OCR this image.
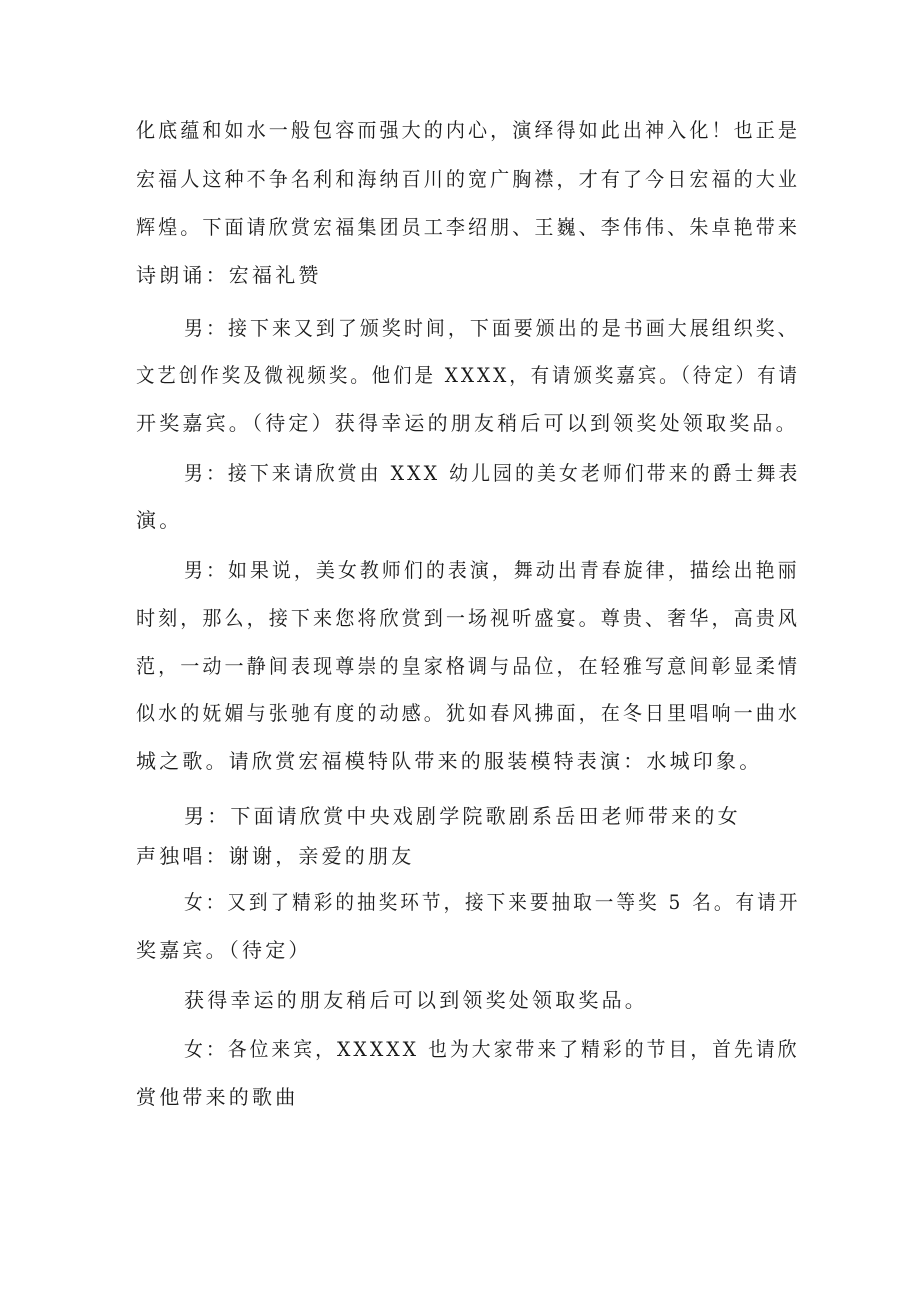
化底蕴和如水一般包容而强大的内心，演绎得如此出神入化！也正是

宏福人这种不争名利和海纳百川的宽广胸襟，才有了今日宏福的大业

辉煌。下面请欣赏宏福集团员工李绍朋、王巍、李伟伟、朱卓艳带来

诗朗诵：宏福礼赞

男：接下来又到了颁奖时间，下面要颁出的是书画大展组织奖、

文艺创作奖及微视频奖。他们是 XXXX，有请颁奖嘉宾。（待定）有请

开奖嘉宾。（待定）获得幸运的朋友稍后可以到领奖处领取奖品。

男：接下来请欣赏由 XXX 幼儿园的美女老师们带来的爵士舞表

演。

男：如果说，美女教师们的表演，舞动出青春旋律，描绘出艳丽

时刻，那么，接下来您将欣赏到一场视听盛宴。尊贵、奢华，高贵风

范，一动一静间表现尊崇的皇家格调与品位，在轻雅写意间彰显柔情

似水的妩媚与张驰有度的动感。犹如春风拂面，在冬日里唱响一曲水

城之歌。请欣赏宏福模特队带来的服装模特表演：水城印象。

男：下面请欣赏中央戏剧学院歌剧系岳田老师带来的女

声独唱：谢谢，亲爱的朋友

女：又到了精彩的抽奖环节，接下来要抽取一等奖 5 名。有请开

奖嘉宾。（待定）

获得幸运的朋友稍后可以到领奖处领取奖品。

女：各位来宾，XXXXX 也为大家带来了精彩的节目，首先请欣

赏他带来的歌曲
